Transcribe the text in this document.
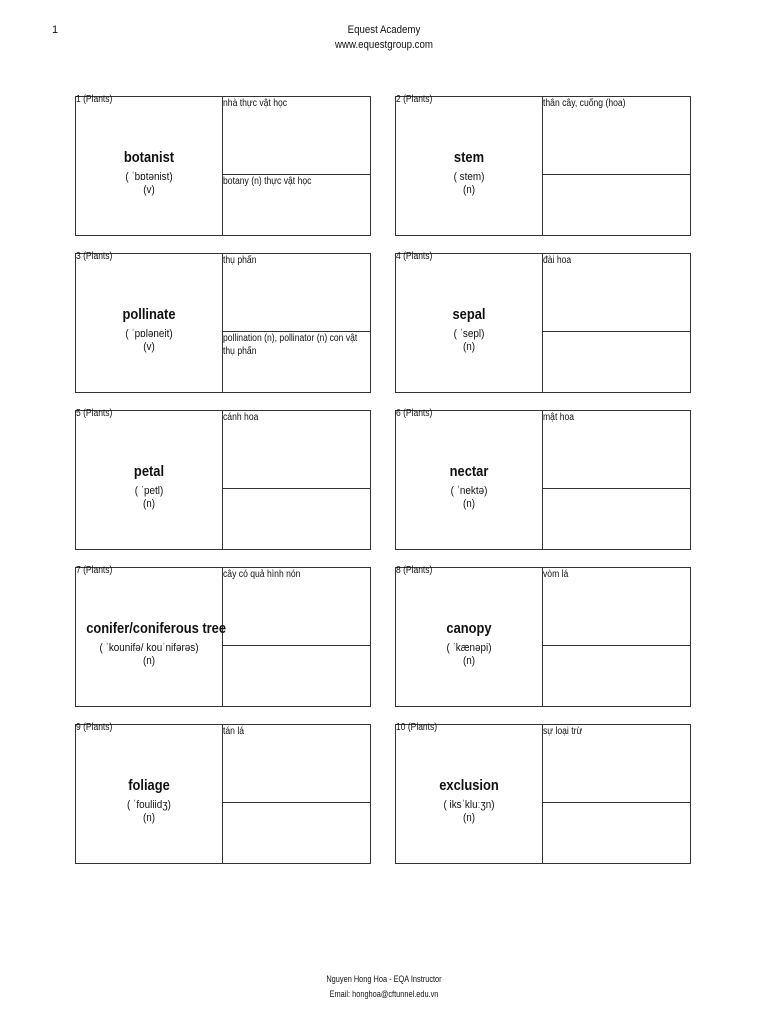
1	Equest Academy
www.equestgroup.com
1 (Plants)
botanist
( ˈbɒtənist)
(v)
nhà thực vật học
botany (n) thực vật học
2 (Plants)
stem
( stem)
(n)
thân cây, cuống (hoa)
3 (Plants)
pollinate
( ˈpɒləneit)
(v)
thụ phấn
pollination (n), pollinator (n) con vật thụ phấn
4 (Plants)
sepal
( ˈsepl)
(n)
đài hoa
5 (Plants)
petal
( ˈpetl)
(n)
cánh hoa	6 (Plants)
nectar
( ˈnektə)
(n)
mật hoa
7 (Plants)
conifer/coniferous tree
( ˈkounifə/ kouˈnifərəs)
(n)
cây có quả hình nón	8 (Plants)
canopy
( ˈkænəpi)
(n)
vòm lá
9 (Plants)
foliage
( ˈfouliidʒ)
(n)
tán lá	10 (Plants)
exclusion
( iksˈkluːʒn)
(n)
sự loại trừ
Nguyen Hong Hoa - EQA Instructor
Email: honghoa@cftunnel.edu.vn
